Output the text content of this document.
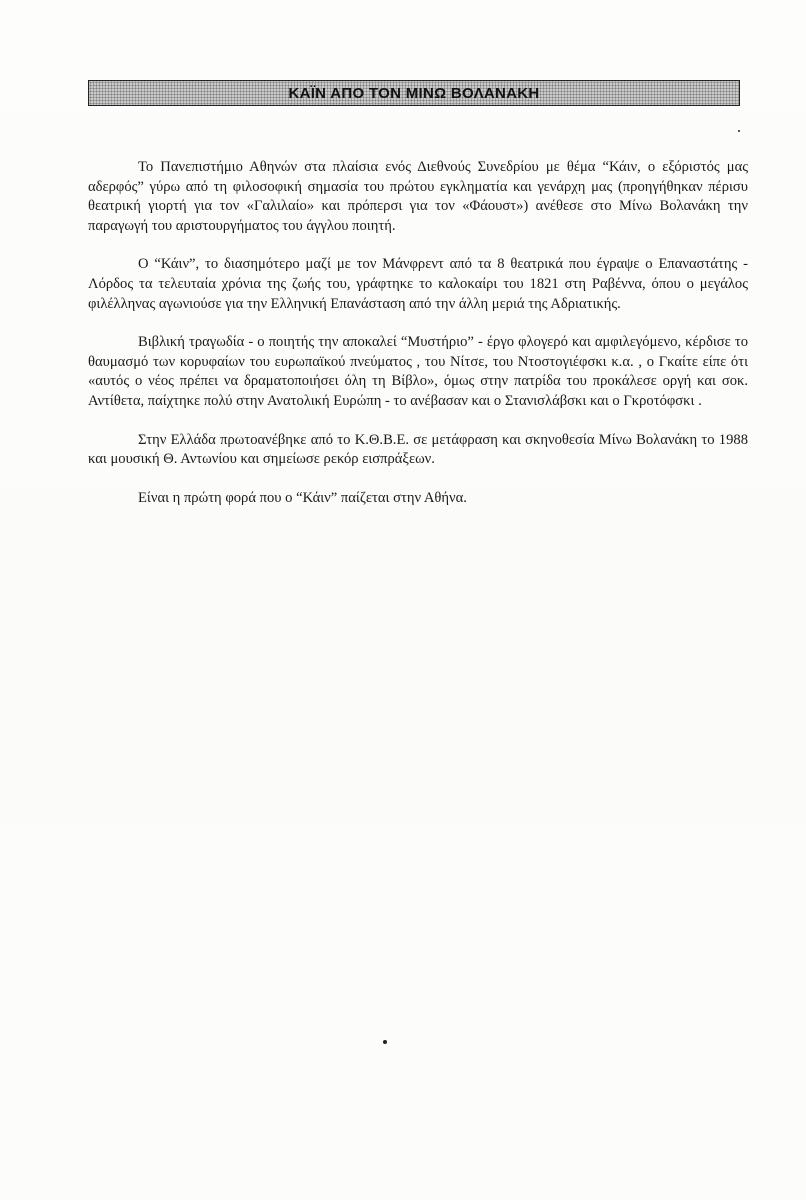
ΚΑΪΝ ΑΠΟ ΤΟΝ ΜΙΝΩ ΒΟΛΑΝΑΚΗ

Το Πανεπιστήμιο Αθηνών στα πλαίσια ενός Διεθνούς Συνεδρίου με θέμα “Κάιν, ο εξόριστός μας αδερφός” γύρω από τη φιλοσοφική σημασία του πρώτου εγκληματία και γενάρχη μας (προηγήθηκαν πέρισυ θεατρική γιορτή για τον «Γαλιλαίο» και πρόπερσι για τον «Φάουστ») ανέθεσε στο Μίνω Βολανάκη την παραγωγή του αριστουργήματος του άγγλου ποιητή.

O “Κάιν”, το διασημότερο μαζί με τον Μάνφρεντ από τα 8 θεατρικά που έγραψε ο Επαναστάτης - Λόρδος τα τελευταία χρόνια της ζωής του, γράφτηκε το καλοκαίρι του 1821 στη Ραβέννα, όπου ο μεγάλος φιλέλληνας αγωνιούσε για την Ελληνική Επανάσταση από την άλλη μεριά της Αδριατικής.

Βιβλική τραγωδία - ο ποιητής την αποκαλεί “Μυστήριο” - έργο φλογερό και αμφιλεγόμενο, κέρδισε το θαυμασμό των κορυφαίων του ευρωπαϊκού πνεύματος , του Νίτσε, του Ντοστογιέφσκι κ.α. , ο Γκαίτε είπε ότι «αυτός ο νέος πρέπει να δραματοποιήσει όλη τη Βίβλο», όμως στην πατρίδα του προκάλεσε οργή και σοκ. Αντίθετα, παίχτηκε πολύ στην Ανατολική Ευρώπη - το ανέβασαν και ο Στανισλάβσκι και ο Γκροτόφσκι .

Στην Ελλάδα πρωτοανέβηκε από το Κ.Θ.Β.Ε. σε μετάφραση και σκηνοθεσία Μίνω Βολανάκη το 1988 και μουσική Θ. Αντωνίου και σημείωσε ρεκόρ εισπράξεων.

Είναι η πρώτη φορά που ο “Κάιν” παίζεται στην Αθήνα.
